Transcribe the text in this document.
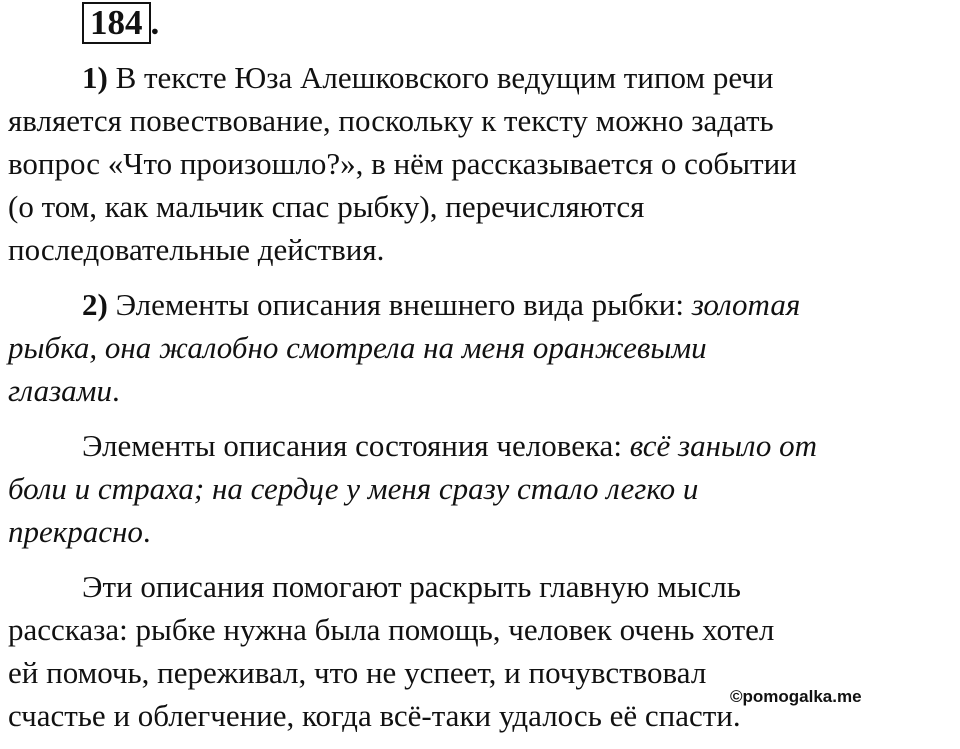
184 .
1) В тексте Юза Алешковского ведущим типом речи
является повествование, поскольку к тексту можно задать
вопрос «Что произошло?», в нём рассказывается о событии
(о том, как мальчик спас рыбку), перечисляются
последовательные действия.
2) Элементы описания внешнего вида рыбки: золотая
рыбка, она жалобно смотрела на меня оранжевыми
глазами.
Элементы описания состояния человека: всё заныло от
боли и страха; на сердце у меня сразу стало легко и
прекрасно.
Эти описания помогают раскрыть главную мысль
рассказа: рыбке нужна была помощь, человек очень хотел
ей помочь, переживал, что не успеет, и почувствовал
счастье и облегчение, когда всё-таки удалось её спасти.
©pomogalka.me
